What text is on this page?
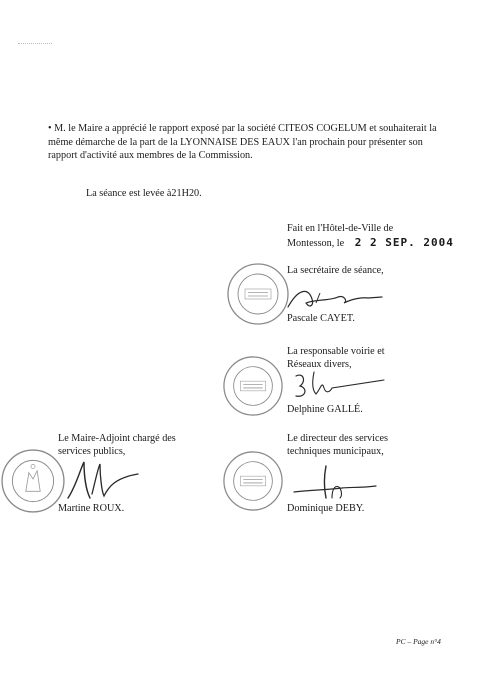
• M. le Maire a apprécié le rapport exposé par la société CITEOS COGELUM et souhaiterait la

même démarche de la part de la LYONNAISE DES EAUX l'an prochain pour présenter son

rapport d'activité aux membres de la Commission.

La séance est levée à21H20.
Fait en l'Hôtel-de-Ville de
Montesson, le 2 2 SEP. 2004
La secrétaire de séance,
Pascale CAYET.
La responsable voirie et
Réseaux divers,
Delphine GALLÉ.
Le Maire-Adjoint chargé des
services publics,
Martine ROUX.
Le directeur des services
techniques municipaux,
Dominique DEBY.
PC – Page n°4
